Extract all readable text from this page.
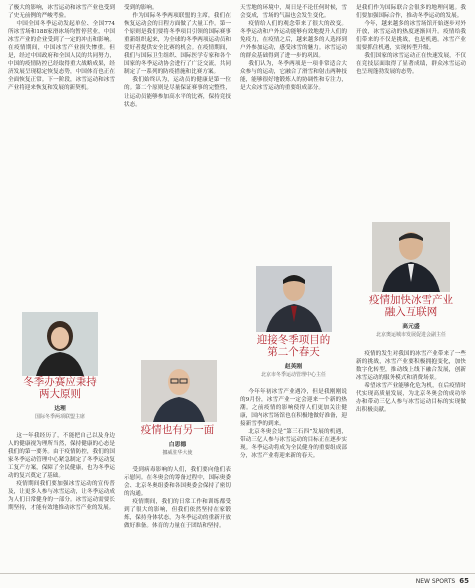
了极大的影响，冰雪运动和冰雪产业也受到了史无前例的严峻考验。

中国全国冬季运动发起单位、全国774所冰雪场和188家滑冰场均暂停营业，中国冰雪产业的企业受到了一定的冲击和影响。在疫情期间，中国冰雪产业损失惨重。但是，经过中国政府和全国人民的共同努力，中国的疫情防控已经取得重大战略成果，经济发展呈现稳定恢复态势，中国体育也正在全面恢复正常。下一阶段，冰雪运动和冰雪产业将迎来恢复和发展的新契机。

冬季办赛应秉持
两大原则
达理
国际冬季两项联盟主席

这一年我经历了，不能把自己以及身边人的健康视为理所当然，保持健康的心态是我们的第一要务。由于疫情防控，我们的国家冬季运动管理中心紧急制定了冬季运动复工复产方案，保障了全民健康，也为冬季运动的复兴奠定了基础。

疫情期间我们要加强冰雪运动的宣传普及，让更多人参与冰雪运动，让冬季运动成为人们日常健身的一部分。冰雪运动需要长期坚持，才能有效地推动冰雪产业的发展。

受到的影响。

作为国际冬季两项联盟的主席，我们在恢复运动会的日程方面做了大量工作。第一个原则是我们要将冬季项目引领的国际赛事重新组织起来，为全球的冬季两项运动员和爱好者提供安全比赛的机会。在疫情期间，我们与国际卫生组织、国际医学专家和各个国家的冬季运动协会进行了广泛交流，共同制定了一系列的防疫措施和比赛方案。

我们始终认为，运动员的健康是第一位的。第二个原则是尽量保证赛事的完整性，让运动员能够参加高水平的比赛，保持竞技状态。

疫情也有另一面
白思德
挪威驻华大使

受到病毒影响的人们，我们要向他们表示慰问。在冬奥会的筹备过程中，国际奥委会、北京冬奥组委和各国奥委会保持了密切的沟通。

疫情期间，我们的日常工作和训练都受到了很大的影响，但我们依然坚持在家锻炼，保持身体状态，为冬季运动的重新开放做好准备。体育的力量在于团结和坚持。

天雪地的环境中，周日是不论任何时候，雪会变成，雪场的气温也会发生变化。

疫情给人们的观念带来了很大的改变。冬季运动和户外运动能够有效地提升人们的免疫力，在疫情之后，越来越多的人选择到户外参加运动，感受冰雪的魅力。冰雪运动的群众基础得到了进一步的巩固。

我们认为，冬季两项是一项非常适合大众参与的运动，它融合了滑雪和射击两种技能，能够很好地锻炼人的协调性和专注力，是大众冰雪运动的重要组成部分。

迎接冬季项目的
第二个春天
赵英刚
北京市冬季运动管理中心主任

今年年初冰雪产业遇冷，但是我刚刚说的9月份，冰雪产业一定会迎来一个新的热潮。之前疫情的影响使得人们更加关注健康，国内冰雪场馆也在积极地做好准备，迎接新雪季的到来。

北京冬奥会是“第三石四”发展的机遇，带动三亿人参与冰雪运动的目标正在逐步实现。冬季运动将成为全民健身的重要组成部分，冰雪产业将迎来新的春天。

是我们作为国际联合会很多的地理问题。我们要加强国际合作，推动冬季运动的发展。

今年，越来越多的冰雪场馆开始逐步对外开放，冰雪运动的热度逐渐回升。疫情给我们带来的不仅是挑战，也是机遇。冰雪产业需要抓住机遇，实现转型升级。

我们国家的冰雪运动正在快速发展，不仅在竞技层面取得了显著成绩，群众冰雪运动也呈现蓬勃发展的态势。

疫情加快冰雪产业
融入互联网
高元盛
北京奥运城市发展促进会副主任

疫情的发生对我国的冰雪产业带来了一些新的挑战，冰雪产业要积极拥抱变化，加快数字化转型，推动线上线下融合发展，创新冰雪运动的服务模式和消费场景。

希望冰雪产业能够化危为机，在后疫情时代实现高质量发展，为北京冬奥会的成功举办和带动三亿人参与冰雪运动目标的实现做出积极贡献。

NEW SPORTS 65
